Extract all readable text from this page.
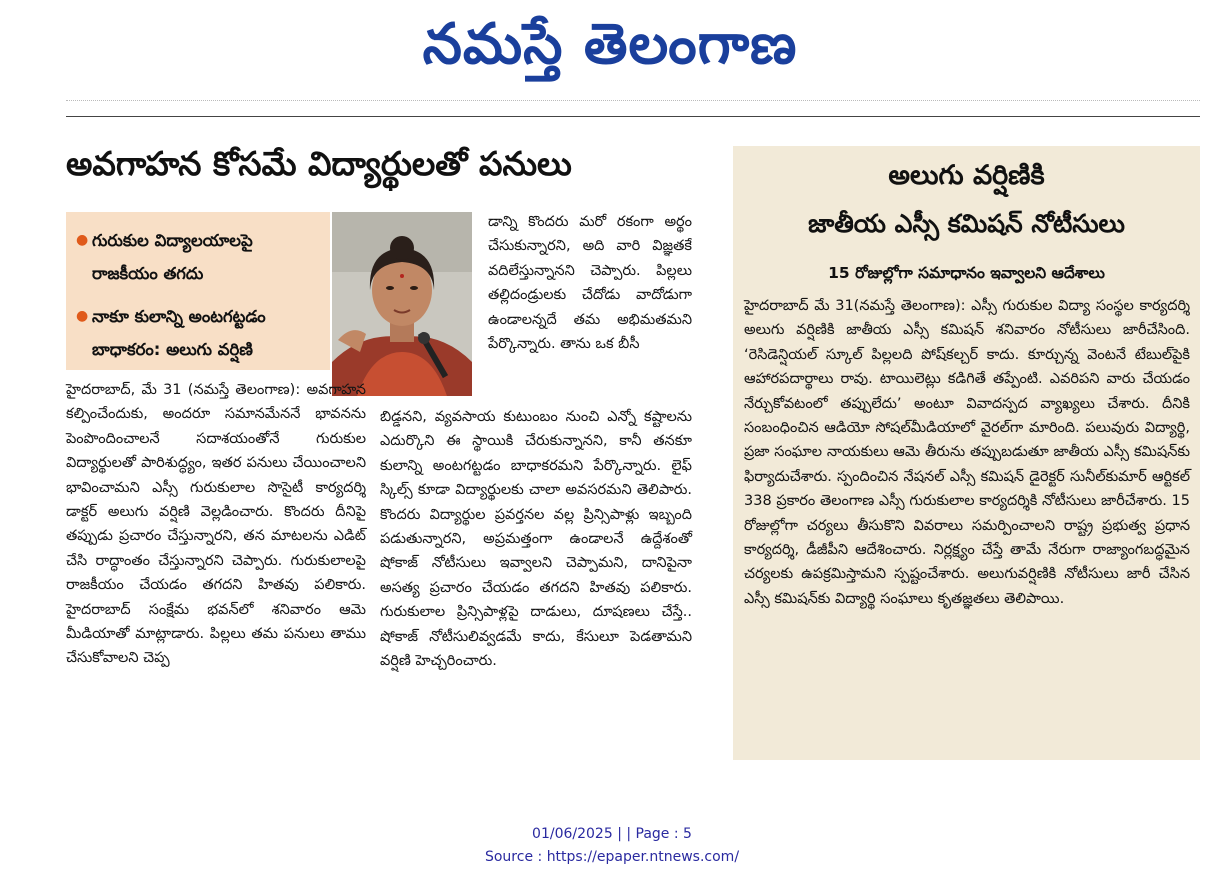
నమస్తే తెలంగాణ
అవగాహన కోసమే విద్యార్థులతో పనులు
● గురుకుల విద్యాలయాలపై రాజకీయం తగదు
● నాకూ కులాన్ని అంటగట్టడం బాధాకరం: అలుగు వర్షిణి

డాన్ని కొందరు మరో రకంగా అర్థం చేసుకున్నారని, అది వారి విజ్ఞతకే వదిలేస్తున్నానని చెప్పారు. పిల్లలు తల్లిదండ్రులకు చేదోడు వాదోడుగా ఉండాలన్నదే తమ అభిమతమని పేర్కొన్నారు. తాను ఒక బీసీ

హైదరాబాద్, మే 31 (నమస్తే తెలంగాణ): అవగాహన కల్పించేందుకు, అందరూ సమానమేననే భావనను పెంపొందించాలనే సదాశయంతోనే గురుకుల విద్యార్థులతో పారిశుద్ధ్యం, ఇతర పనులు చేయించాలని భావించామని ఎస్సీ గురుకులాల సొసైటీ కార్యదర్శి డాక్టర్ అలుగు వర్షిణి వెల్లడించారు. కొందరు దీనిపై తప్పుడు ప్రచారం చేస్తున్నారని, తన మాటలను ఎడిట్ చేసి రాద్ధాంతం చేస్తున్నారని చెప్పారు. గురుకులాలపై రాజకీయం చేయడం తగదని హితవు పలికారు. హైదరాబాద్ సంక్షేమ భవన్‌లో శనివారం ఆమె మీడియాతో మాట్లాడారు. పిల్లలు తమ పనులు తాము చేసుకోవాలని చెప్ప

బిడ్డనని, వ్యవసాయ కుటుంబం నుంచి ఎన్నో కష్టాలను ఎదుర్కొని ఈ స్థాయికి చేరుకున్నానని, కానీ తనకూ కులాన్ని అంటగట్టడం బాధాకరమని పేర్కొన్నారు. లైఫ్ స్కిల్స్ కూడా విద్యార్థులకు చాలా అవసరమని తెలిపారు. కొందరు విద్యార్థుల ప్రవర్తనల వల్ల ప్రిన్సిపాళ్లు ఇబ్బంది పడుతున్నారని, అప్రమత్తంగా ఉండాలనే ఉద్దేశంతో షోకాజ్ నోటీసులు ఇవ్వాలని చెప్పామని, దానిపైనా అసత్య ప్రచారం చేయడం తగదని హితవు పలికారు. గురుకులాల ప్రిన్సిపాళ్లపై దాడులు, దూషణలు చేస్తే.. షోకాజ్ నోటీసులివ్వడమే కాదు, కేసులూ పెడతామని వర్షిణి హెచ్చరించారు.

అలుగు వర్షిణికి
జాతీయ ఎస్సీ కమిషన్ నోటీసులు
15 రోజుల్లోగా సమాధానం ఇవ్వాలని ఆదేశాలు
హైదరాబాద్ మే 31(నమస్తే తెలంగాణ): ఎస్సీ గురుకుల విద్యా సంస్థల కార్యదర్శి అలుగు వర్షిణికి జాతీయ ఎస్సీ కమిషన్ శనివారం నోటీసులు జారీచేసింది. ‘రెసిడెన్షియల్ స్కూల్ పిల్లలది పోష్‌కల్చర్ కాదు. కూర్చున్న వెంటనే టేబుల్‌పైకి ఆహారపదార్థాలు రావు. టాయిలెట్లు కడిగితే తప్పేంటి. ఎవరిపని వారు చేయడం నేర్చుకోవటంలో తప్పులేదు’ అంటూ వివాదస్పద వ్యాఖ్యలు చేశారు. దీనికి సంబంధించిన ఆడియో సోషల్‌మీడియాలో వైరల్‌గా మారింది. పలువురు విద్యార్థి, ప్రజా సంఘాల నాయకులు ఆమె తీరును తప్పుబడుతూ జాతీయ ఎస్సీ కమిషన్‌కు ఫిర్యాదుచేశారు. స్పందించిన నేషనల్ ఎస్సీ కమిషన్ డైరెక్టర్ సునీల్‌కుమార్ ఆర్టికల్ 338 ప్రకారం తెలంగాణ ఎస్సీ గురుకులాల కార్యదర్శికి నోటీసులు జారీచేశారు. 15 రోజుల్లోగా చర్యలు తీసుకొని వివరాలు సమర్పించాలని రాష్ట్ర ప్రభుత్వ ప్రధాన కార్యదర్శి, డీజీపీని ఆదేశించారు. నిర్లక్ష్యం చేస్తే తామే నేరుగా రాజ్యాంగబద్ధమైన చర్యలకు ఉపక్రమిస్తామని స్పష్టంచేశారు. అలుగువర్షిణికి నోటీసులు జారీ చేసిన ఎస్సీ కమిషన్‌కు విద్యార్థి సంఘాలు కృతజ్ఞతలు తెలిపాయి.
01/06/2025 | | Page : 5
Source : https://epaper.ntnews.com/
